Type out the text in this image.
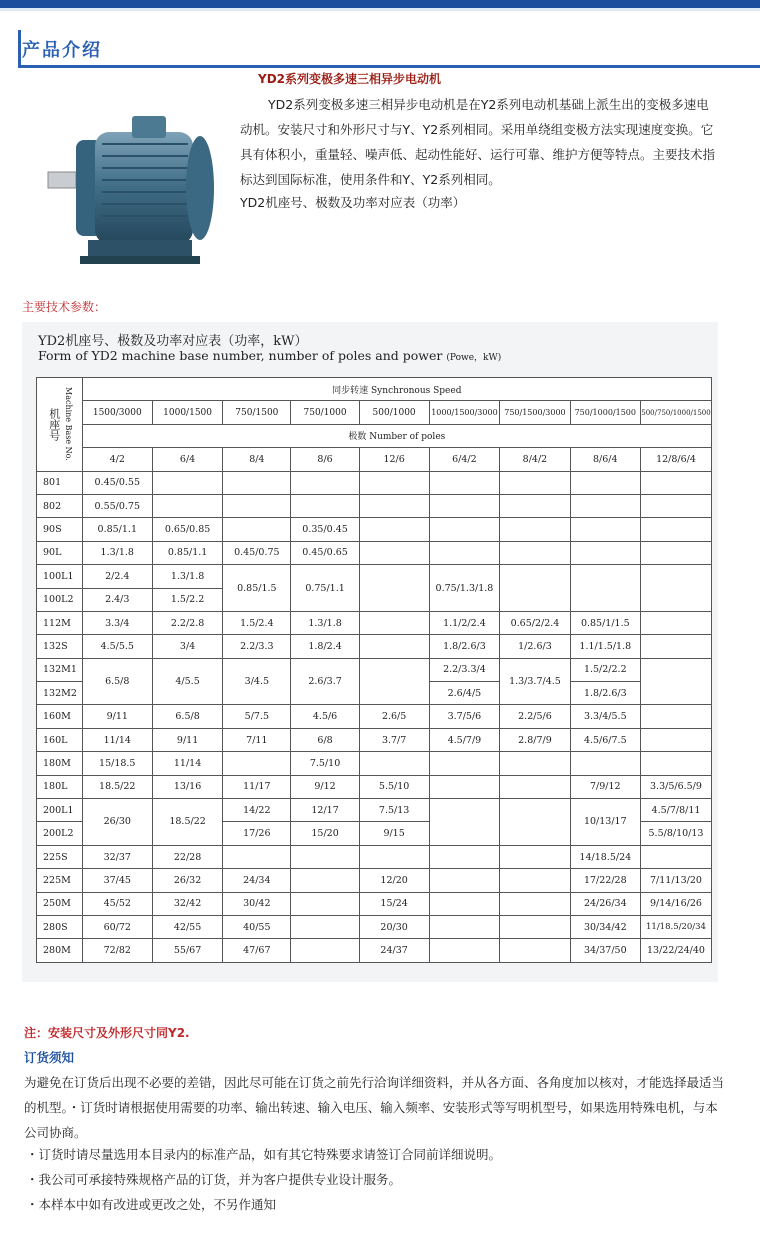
产品介绍
YD2系列变极多速三相异步电动机
YD2系列变极多速三相异步电动机是在Y2系列电动机基础上派生出的变极多速电动机。安装尺寸和外形尺寸与Y、Y2系列相同。采用单绕组变极方法实现速度变换。它具有体积小，重量轻、噪声低、起动性能好、运行可靠、维护方便等特点。主要技术指标达到国际标准，使用条件和Y、Y2系列相同。
YD2机座号、极数及功率对应表（功率）
主要技术参数：
YD2机座号、极数及功率对应表（功率，kW）
Form of YD2 machine base number, number of poles and power (Powe，kW)
Machine Base No.
机座号	同步转速 Synchronous Speed								
	1500/3000	1000/1500	750/1500	750/1000	500/1000	1000/1500/3000	750/1500/3000	750/1000/1500	500/750/1000/1500
	极数 Number of poles								
	4/2	6/4	8/4	8/6	12/6	6/4/2	8/4/2	8/6/4	12/8/6/4
801	0.45/0.55								
802	0.55/0.75								
90S	0.85/1.1	0.65/0.85		0.35/0.45					
90L	1.3/1.8	0.85/1.1	0.45/0.75	0.45/0.65					
100L1	2/2.4	1.3/1.8	0.85/1.5	0.75/1.1		0.75/1.3/1.8			
100L2	2.4/3	1.5/2.2							
112M	3.3/4	2.2/2.8	1.5/2.4	1.3/1.8		1.1/2/2.4	0.65/2/2.4	0.85/1/1.5	
132S	4.5/5.5	3/4	2.2/3.3	1.8/2.4		1.8/2.6/3	1/2.6/3	1.1/1.5/1.8	
132M1	6.5/8	4/5.5	3/4.5	2.6/3.7		2.2/3.3/4	1.3/3.7/4.5	1.5/2/2.2	
132M2						2.6/4/5		1.8/2.6/3	
160M	9/11	6.5/8	5/7.5	4.5/6	2.6/5	3.7/5/6	2.2/5/6	3.3/4/5.5	
160L	11/14	9/11	7/11	6/8	3.7/7	4.5/7/9	2.8/7/9	4.5/6/7.5	
180M	15/18.5	11/14		7.5/10					
180L	18.5/22	13/16	11/17	9/12	5.5/10			7/9/12	3.3/5/6.5/9
200L1	26/30	18.5/22	14/22	12/17	7.5/13			10/13/17	4.5/7/8/11
200L2			17/26	15/20	9/15				5.5/8/10/13
225S	32/37	22/28						14/18.5/24	
225M	37/45	26/32	24/34		12/20			17/22/28	7/11/13/20
250M	45/52	32/42	30/42		15/24			24/26/34	9/14/16/26
280S	60/72	42/55	40/55		20/30			30/34/42	11/18.5/20/34
280M	72/82	55/67	47/67		24/37			34/37/50	13/22/24/40
注：安装尺寸及外形尺寸同Y2.
订货须知
为避免在订货后出现不必要的差错，因此尽可能在订货之前先行洽询详细资料，并从各方面、各角度加以核对，才能选择最适当的机型。・订货时请根据使用需要的功率、输出转速、输入电压、输入频率、安装形式等写明机型号，如果选用特殊电机，与本公司协商。
・订货时请尽量选用本目录内的标准产品，如有其它特殊要求请签订合同前详细说明。
・我公司可承接特殊规格产品的订货，并为客户提供专业设计服务。
・本样本中如有改进或更改之处，不另作通知
